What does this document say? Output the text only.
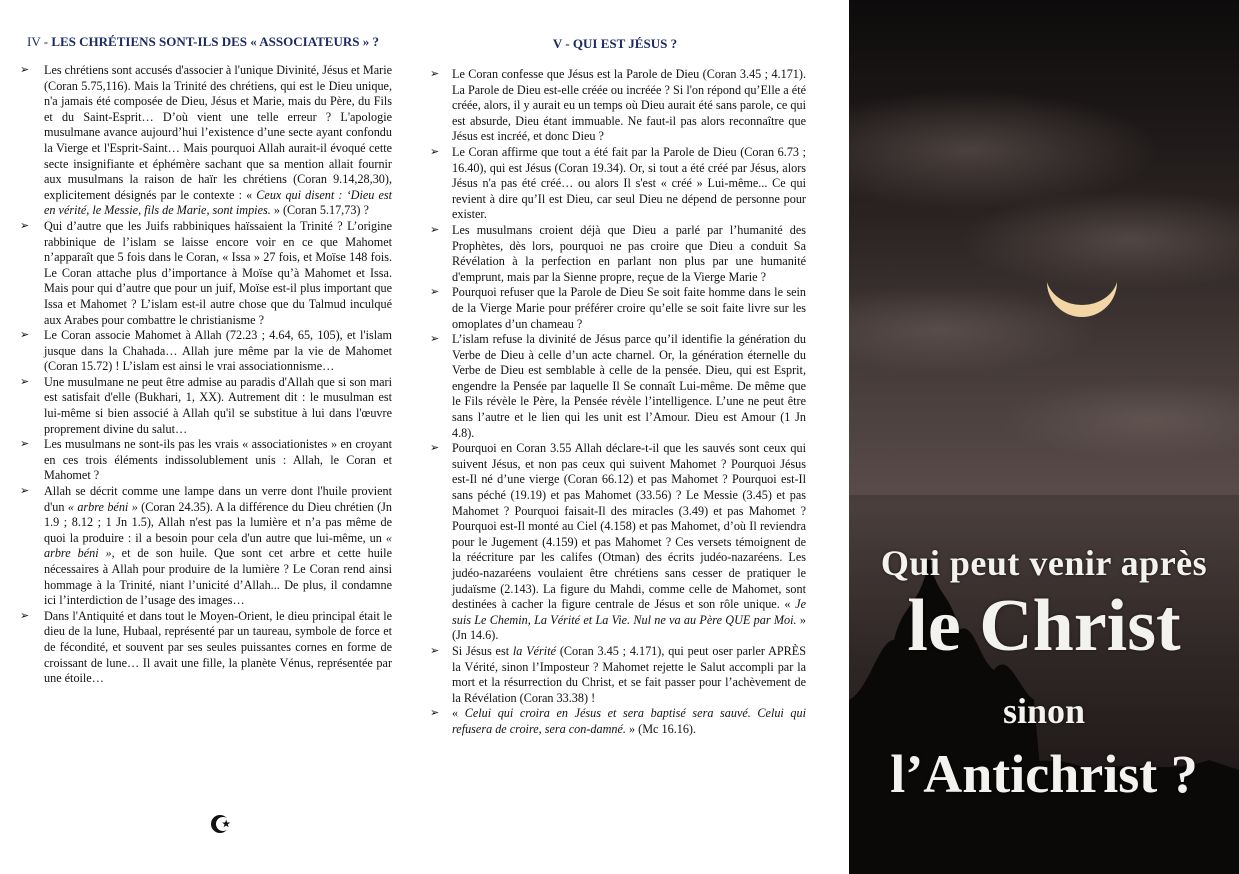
IV - LES CHRÉTIENS SONT-ILS DES « ASSOCIATEURS » ?
➢ Les chrétiens sont accusés d'associer à l'unique Divinité, Jésus et Marie (Coran 5.75,116). Mais la Trinité des chrétiens, qui est le Dieu unique, n'a jamais été composée de Dieu, Jésus et Marie, mais du Père, du Fils et du Saint-Esprit… D’où vient une telle erreur ? L'apologie musulmane avance aujourd’hui l’existence d’une secte ayant confondu la Vierge et l'Esprit-Saint… Mais pourquoi Allah aurait-il évoqué cette secte insignifiante et éphémère sachant que sa mention allait fournir aux musulmans la raison de haïr les chrétiens (Coran 9.14,28,30), explicitement désignés par le contexte : « Ceux qui disent : ‘Dieu est en vérité, le Messie, fils de Marie, sont impies. » (Coran 5.17,73) ?
➢ Qui d’autre que les Juifs rabbiniques haïssaient la Trinité ? L’origine rabbinique de l’islam se laisse encore voir en ce que Mahomet n’apparaît que 5 fois dans le Coran, « Issa » 27 fois, et Moïse 148 fois. Le Coran attache plus d’importance à Moïse qu’à Mahomet et Issa. Mais pour qui d’autre que pour un juif, Moïse est-il plus important que Issa et Mahomet ? L’islam est-il autre chose que du Talmud inculqué aux Arabes pour combattre le christianisme ?
➢ Le Coran associe Mahomet à Allah (72.23 ; 4.64, 65, 105), et l'islam jusque dans la Chahada… Allah jure même par la vie de Mahomet (Coran 15.72) ! L’islam est ainsi le vrai associationnisme…
➢ Une musulmane ne peut être admise au paradis d'Allah que si son mari est satisfait d'elle (Bukhari, 1, XX). Autrement dit : le musulman est lui-même si bien associé à Allah qu'il se substitue à lui dans l'œuvre proprement divine du salut…
➢ Les musulmans ne sont-ils pas les vrais « associationistes » en croyant en ces trois éléments indissolublement unis : Allah, le Coran et Mahomet ?
➢ Allah se décrit comme une lampe dans un verre dont l'huile provient d'un « arbre béni » (Coran 24.35). A la différence du Dieu chrétien (Jn 1.9 ; 8.12 ; 1 Jn 1.5), Allah n'est pas la lumière et n’a pas même de quoi la produire : il a besoin pour cela d'un autre que lui-même, un « arbre béni », et de son huile. Que sont cet arbre et cette huile nécessaires à Allah pour produire de la lumière ? Le Coran rend ainsi hommage à la Trinité, niant l’unicité d’Allah... De plus, il condamne ici l’interdiction de l’usage des images…
➢ Dans l'Antiquité et dans tout le Moyen-Orient, le dieu principal était le dieu de la lune, Hubaal, représenté par un taureau, symbole de force et de fécondité, et souvent par ses seules puissantes cornes en forme de croissant de lune… Il avait une fille, la planète Vénus, représentée par une étoile…
V - QUI EST JÉSUS ?
➢ Le Coran confesse que Jésus est la Parole de Dieu (Coran 3.45 ; 4.171). La Parole de Dieu est-elle créée ou incréée ? Si l'on répond qu’Elle a été créée, alors, il y aurait eu un temps où Dieu aurait été sans parole, ce qui est absurde, Dieu étant immuable. Ne faut-il pas alors reconnaître que Jésus est incréé, et donc Dieu ?
➢ Le Coran affirme que tout a été fait par la Parole de Dieu (Coran 6.73 ; 16.40), qui est Jésus (Coran 19.34). Or, si tout a été créé par Jésus, alors Jésus n'a pas été créé… ou alors Il s'est « créé » Lui-même... Ce qui revient à dire qu’Il est Dieu, car seul Dieu ne dépend de personne pour exister.
➢ Les musulmans croient déjà que Dieu a parlé par l’humanité des Prophètes, dès lors, pourquoi ne pas croire que Dieu a conduit Sa Révélation à la perfection en parlant non plus par une humanité d'emprunt, mais par la Sienne propre, reçue de la Vierge Marie ?
➢ Pourquoi refuser que la Parole de Dieu Se soit faite homme dans le sein de la Vierge Marie pour préférer croire qu’elle se soit faite livre sur les omoplates d’un chameau ?
➢ L’islam refuse la divinité de Jésus parce qu’il identifie la génération du Verbe de Dieu à celle d’un acte charnel. Or, la génération éternelle du Verbe de Dieu est semblable à celle de la pensée. Dieu, qui est Esprit, engendre la Pensée par laquelle Il Se connaît Lui-même. De même que le Fils révèle le Père, la Pensée révèle l’intelligence. L’une ne peut être sans l’autre et le lien qui les unit est l’Amour. Dieu est Amour (1 Jn 4.8).
➢ Pourquoi en Coran 3.55 Allah déclare-t-il que les sauvés sont ceux qui suivent Jésus, et non pas ceux qui suivent Mahomet ? Pourquoi Jésus est-Il né d’une vierge (Coran 66.12) et pas Mahomet ? Pourquoi est-Il sans péché (19.19) et pas Mahomet (33.56) ? Le Messie (3.45) et pas Mahomet ? Pourquoi faisait-Il des miracles (3.49) et pas Mahomet ? Pourquoi est-Il monté au Ciel (4.158) et pas Mahomet, d’où Il reviendra pour le Jugement (4.159) et pas Mahomet ? Ces versets témoignent de la réécriture par les califes (Otman) des écrits judéo-nazaréens. Les judéo-nazaréens voulaient être chrétiens sans cesser de pratiquer le judaïsme (2.143). La figure du Mahdi, comme celle de Mahomet, sont destinées à cacher la figure centrale de Jésus et son rôle unique. « Je suis Le Chemin, La Vérité et La Vie. Nul ne va au Père QUE par Moi. » (Jn 14.6).
➢ Si Jésus est la Vérité (Coran 3.45 ; 4.171), qui peut oser parler APRÈS la Vérité, sinon l’Imposteur ? Mahomet rejette le Salut accompli par la mort et la résurrection du Christ, et se fait passer pour l’achèvement de la Révélation (Coran 33.38) !
➢ « Celui qui croira en Jésus et sera baptisé sera sauvé. Celui qui refusera de croire, sera con-damné. » (Mc 16.16).
Qui peut venir après
le Christ
sinon
l’Antichrist ?
